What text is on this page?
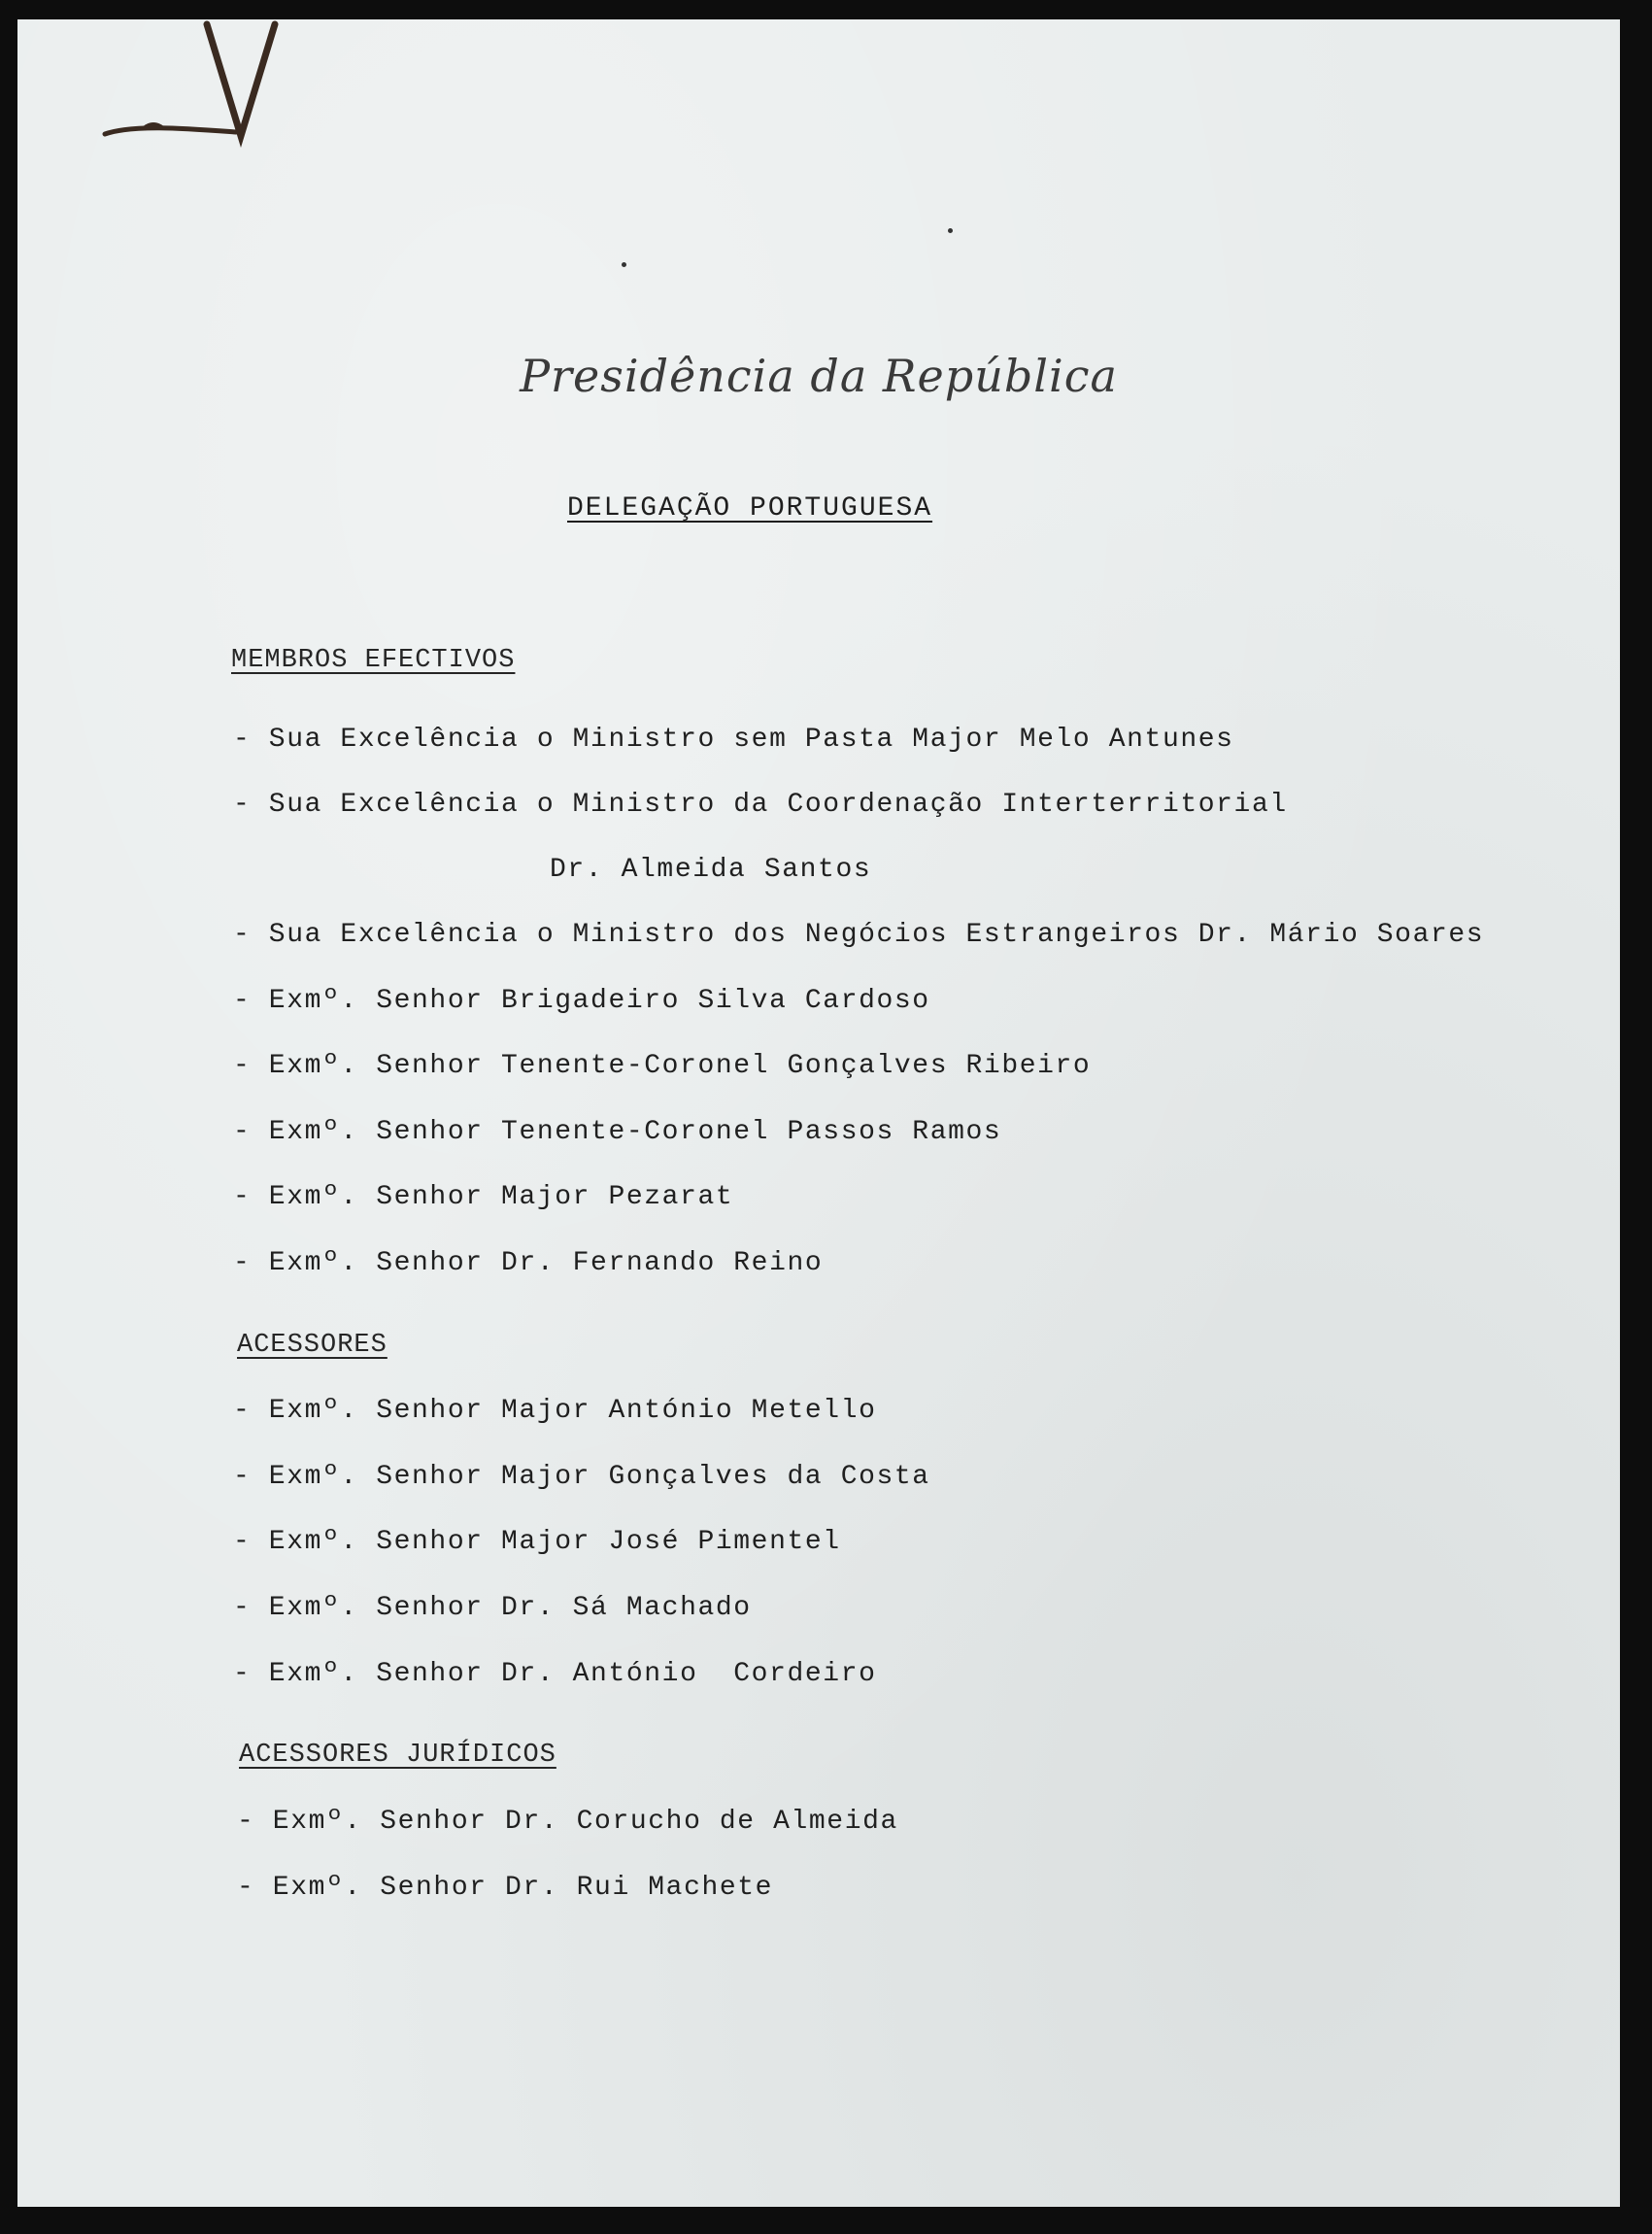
Presidência da República
DELEGAÇÃO PORTUGUESA
MEMBROS EFECTIVOS
- Sua Excelência o Ministro sem Pasta Major Melo Antunes
- Sua Excelência o Ministro da Coordenação Interterritorial
Dr. Almeida Santos
- Sua Excelência o Ministro dos Negócios Estrangeiros Dr. Mário Soares
- Exmº. Senhor Brigadeiro Silva Cardoso
- Exmº. Senhor Tenente-Coronel Gonçalves Ribeiro
- Exmº. Senhor Tenente-Coronel Passos Ramos
- Exmº. Senhor Major Pezarat
- Exmº. Senhor Dr. Fernando Reino
ACESSORES
- Exmº. Senhor Major António Metello
- Exmº. Senhor Major Gonçalves da Costa
- Exmº. Senhor Major José Pimentel
- Exmº. Senhor Dr. Sá Machado
- Exmº. Senhor Dr. António  Cordeiro
ACESSORES JURÍDICOS
- Exmº. Senhor Dr. Corucho de Almeida
- Exmº. Senhor Dr. Rui Machete
